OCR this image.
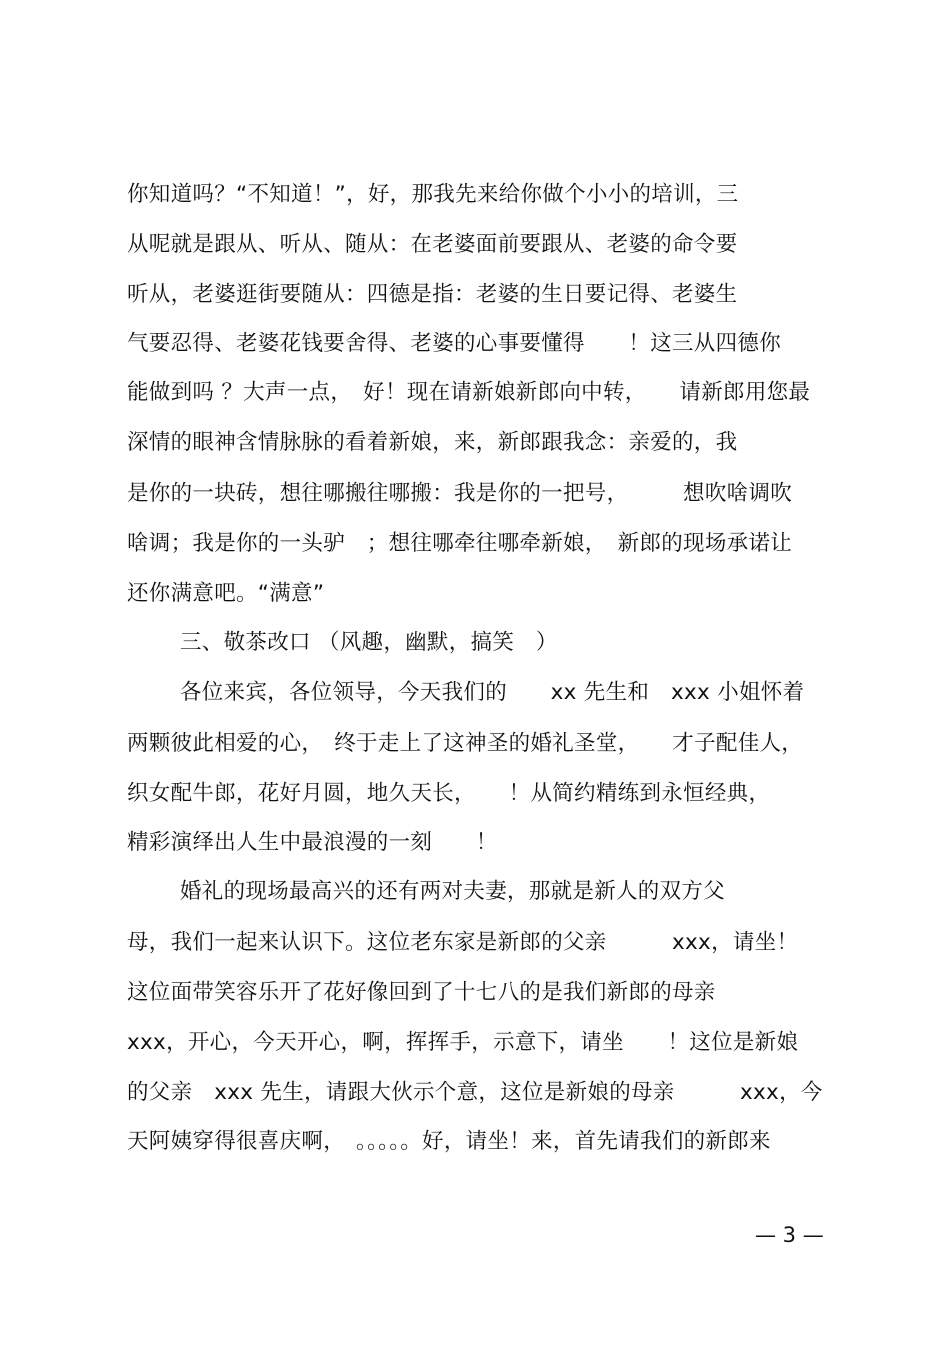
你知道吗？“不知道！”，好，那我先来给你做个小小的培训，三
从呢就是跟从、听从、随从：在老婆面前要跟从、老婆的命令要
听从，老婆逛街要随从：四德是指：老婆的生日要记得、老婆生
气要忍得、老婆花钱要舍得、老婆的心事要懂得　　！这三从四德你
能做到吗 ？大声一点，　好！现在请新娘新郎向中转，　　请新郎用您最
深情的眼神含情脉脉的看着新娘，来，新郎跟我念：亲爱的，我
是你的一块砖，想往哪搬往哪搬：我是你的一把号，　　　想吹啥调吹
啥调；我是你的一头驴　；想往哪牵往哪牵新娘，　新郎的现场承诺让
还你满意吧。“满意”
三、敬茶改口 （风趣，幽默，搞笑　）
各位来宾，各位领导，今天我们的　　xx 先生和　xxx 小姐怀着
两颗彼此相爱的心，　终于走上了这神圣的婚礼圣堂，　　才子配佳人，
织女配牛郎，花好月圆，地久天长，　　！从简约精练到永恒经典，
精彩演绎出人生中最浪漫的一刻　　！
婚礼的现场最高兴的还有两对夫妻，那就是新人的双方父
母，我们一起来认识下。这位老东家是新郎的父亲　　　xxx，请坐！
这位面带笑容乐开了花好像回到了十七八的是我们新郎的母亲
xxx，开心，今天开心，啊，挥挥手，示意下，请坐　　！这位是新娘
的父亲　xxx 先生，请跟大伙示个意，这位是新娘的母亲　　　xxx，今
天阿姨穿得很喜庆啊，　。。。。。好，请坐！来，首先请我们的新郎来
— 3 —
